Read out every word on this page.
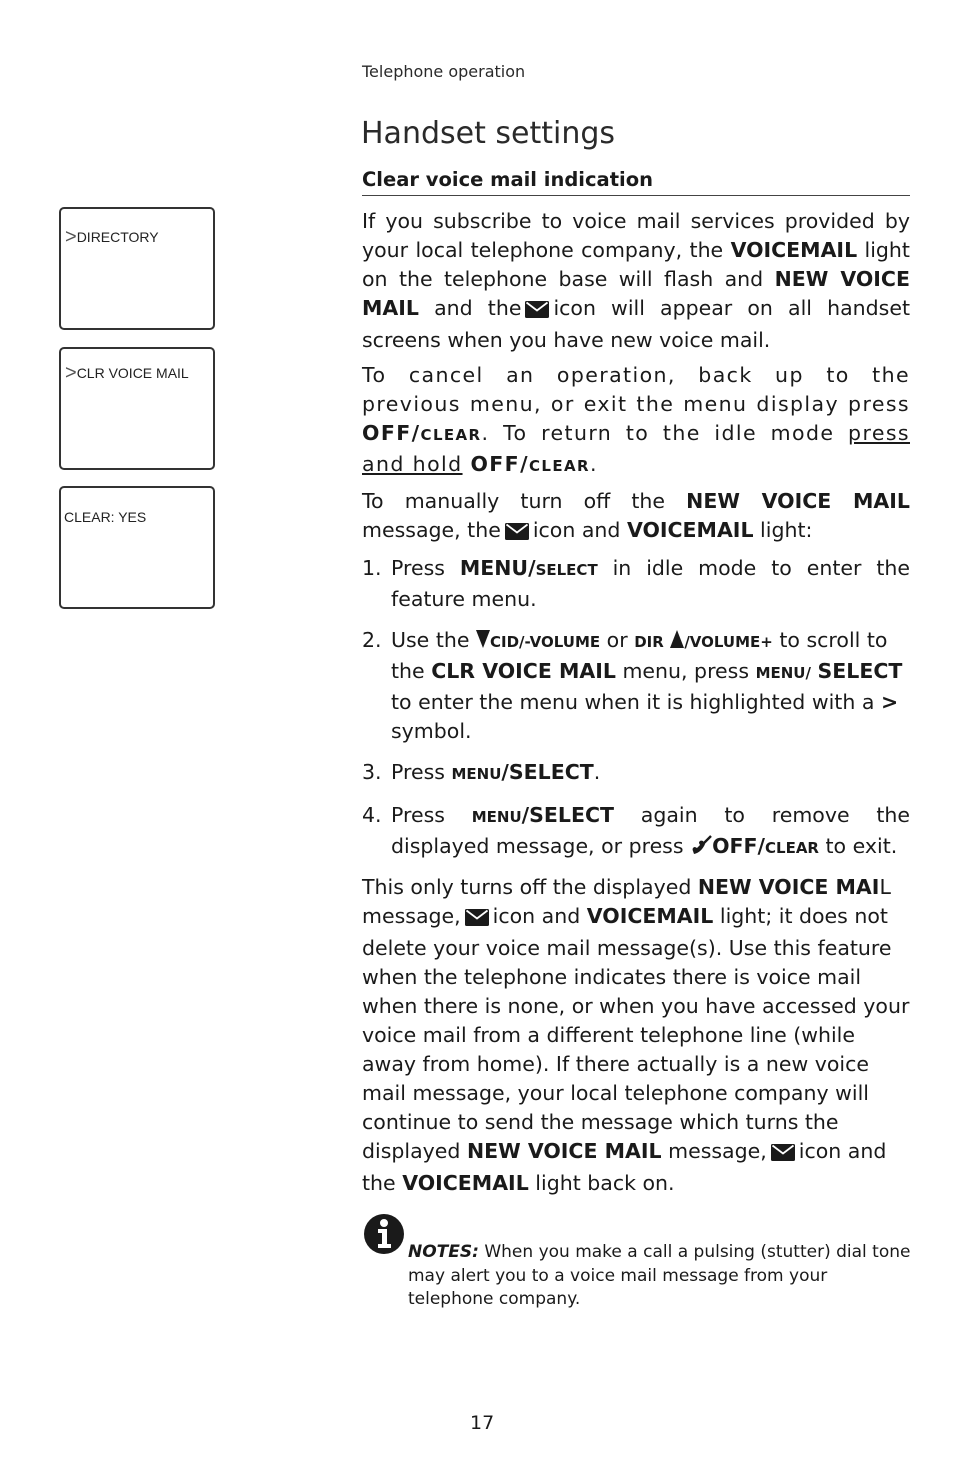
Telephone operation
Handset settings
Clear voice mail indication
>DIRECTORY
>CLR VOICE MAIL
CLEAR: YES

If you subscribe to voice mail services provided by your local telephone company, the VOICEMAIL light on the telephone base will flash and NEW VOICE MAIL and the icon will appear on all handset screens when you have new voice mail.

To cancel an operation, back up to the previous menu, or exit the menu display press OFF/CLEAR. To return to the idle mode press and hold OFF/CLEAR.

To manually turn off the NEW VOICE MAIL message, the icon and VOICEMAIL light:

1. Press MENU/SELECT in idle mode to enter the feature menu.
2. Use the CID/-VOLUME or DIR /VOLUME+ to scroll to the CLR VOICE MAIL menu, press MENU/ SELECT to enter the menu when it is highlighted with a > symbol.
3. Press MENU/SELECT.
4. Press MENU/SELECT again to remove the displayed message, or press OFF/CLEAR to exit.

This only turns off the displayed NEW VOICE MAIL message, icon and VOICEMAIL light; it does not delete your voice mail message(s). Use this feature when the telephone indicates there is voice mail when there is none, or when you have accessed your voice mail from a different telephone line (while away from home). If there actually is a new voice mail message, your local telephone company will continue to send the message which turns the displayed NEW VOICE MAIL message, icon and the VOICEMAIL light back on.

NOTES: When you make a call a pulsing (stutter) dial tone may alert you to a voice mail message from your telephone company.
17
